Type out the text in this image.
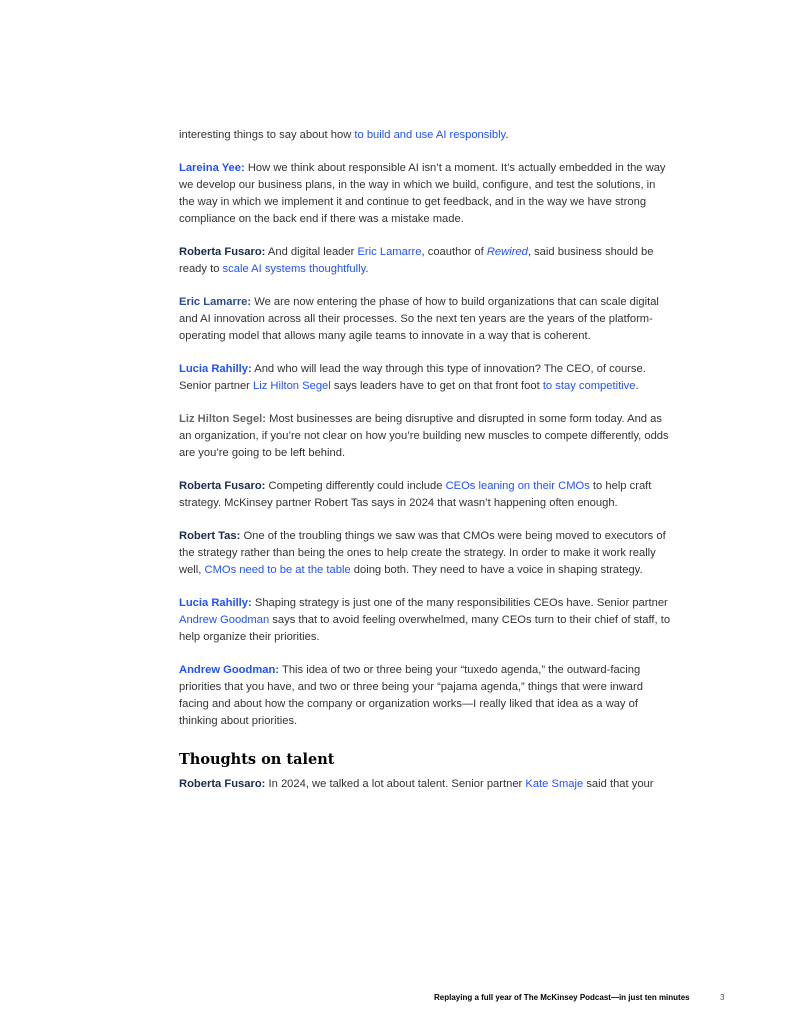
interesting things to say about how to build and use AI responsibly.

Lareina Yee: How we think about responsible AI isn’t a moment. It’s actually embedded in the way we develop our business plans, in the way in which we build, configure, and test the solutions, in the way in which we implement it and continue to get feedback, and in the way we have strong compliance on the back end if there was a mistake made.

Roberta Fusaro: And digital leader Eric Lamarre, coauthor of Rewired, said business should be ready to scale AI systems thoughtfully.

Eric Lamarre: We are now entering the phase of how to build organizations that can scale digital and AI innovation across all their processes. So the next ten years are the years of the platform-operating model that allows many agile teams to innovate in a way that is coherent.

Lucia Rahilly: And who will lead the way through this type of innovation? The CEO, of course. Senior partner Liz Hilton Segel says leaders have to get on that front foot to stay competitive.

Liz Hilton Segel: Most businesses are being disruptive and disrupted in some form today. And as an organization, if you’re not clear on how you’re building new muscles to compete differently, odds are you’re going to be left behind.

Roberta Fusaro: Competing differently could include CEOs leaning on their CMOs to help craft strategy. McKinsey partner Robert Tas says in 2024 that wasn’t happening often enough.

Robert Tas: One of the troubling things we saw was that CMOs were being moved to executors of the strategy rather than being the ones to help create the strategy. In order to make it work really well, CMOs need to be at the table doing both. They need to have a voice in shaping strategy.

Lucia Rahilly: Shaping strategy is just one of the many responsibilities CEOs have. Senior partner Andrew Goodman says that to avoid feeling overwhelmed, many CEOs turn to their chief of staff, to help organize their priorities.

Andrew Goodman: This idea of two or three being your “tuxedo agenda,” the outward-facing priorities that you have, and two or three being your “pajama agenda,” things that were inward facing and about how the company or organization works—I really liked that idea as a way of thinking about priorities.

Thoughts on talent

Roberta Fusaro: In 2024, we talked a lot about talent. Senior partner Kate Smaje said that your

Replaying a full year of The McKinsey Podcast—in just ten minutes	3
